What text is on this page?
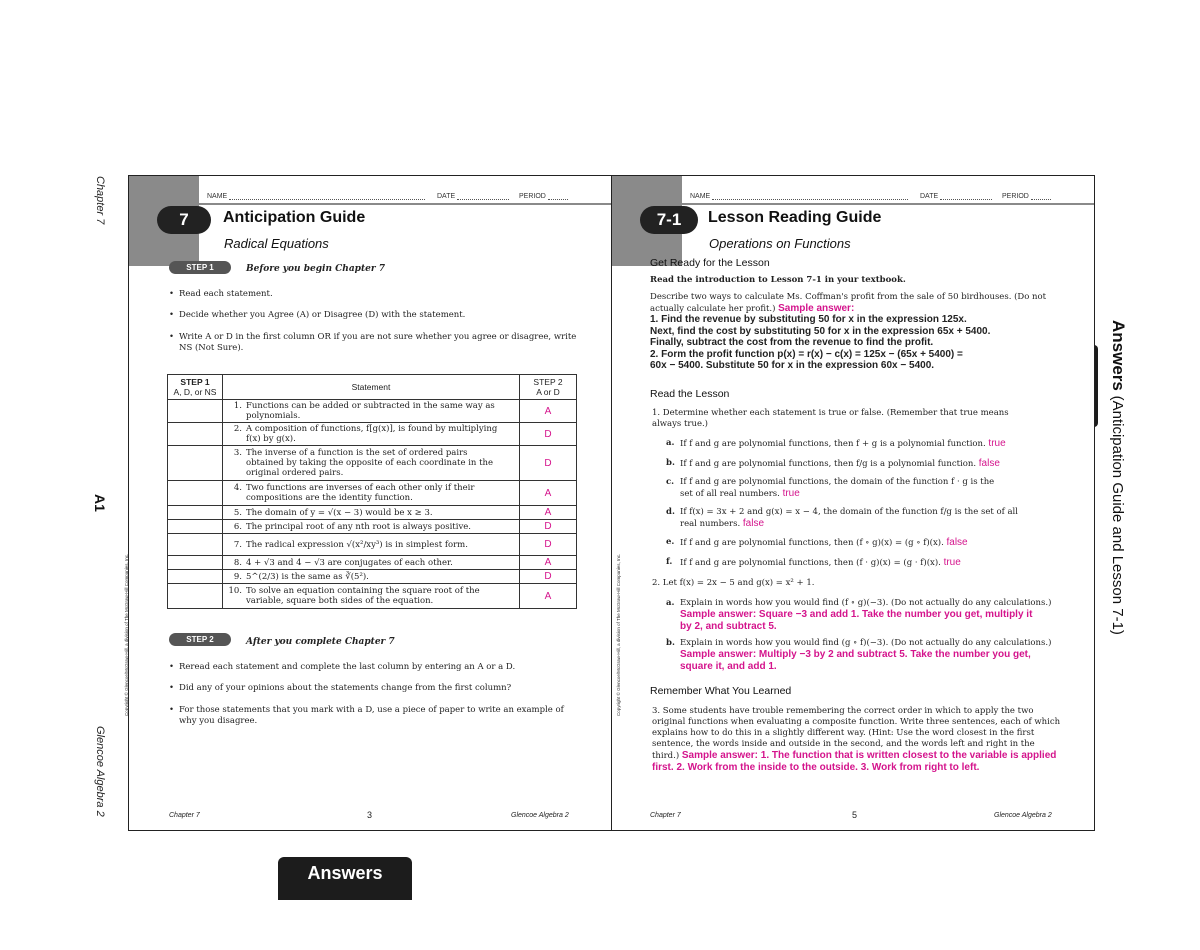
Chapter 7
A1
Glencoe Algebra 2
Answers
Answers (Anticipation Guide and Lesson 7-1)
NAME	DATE	PERIOD
7	Anticipation Guide
Radical Equations
STEP 1	Before you begin Chapter 7
• Read each statement.
• Decide whether you Agree (A) or Disagree (D) with the statement.
• Write A or D in the first column OR if you are not sure whether you agree or disagree, write NS (Not Sure).
STEP 1
A, D, or NS	Statement	STEP 2
A or D
	1. Functions can be added or subtracted in the same way as polynomials.	A
	2. A composition of functions, f[g(x)], is found by multiplying f(x) by g(x).	D
	3. The inverse of a function is the set of ordered pairs obtained by taking the opposite of each coordinate in the original ordered pairs.	D
	4. Two functions are inverses of each other only if their compositions are the identity function.	A
	5. The domain of y = √(x − 3) would be x ≥ 3.	A
	6. The principal root of any nth root is always positive.	D
	7. The radical expression √(x²/xy³) is in simplest form.	D
	8. 4 + √3 and 4 − √3 are conjugates of each other.	A
	9. 5^(2/3) is the same as ∛(5²).	D
	10. To solve an equation containing the square root of the variable, square both sides of the equation.	A
STEP 2	After you complete Chapter 7
• Reread each statement and complete the last column by entering an A or a D.
• Did any of your opinions about the statements change from the first column?
• For those statements that you mark with a D, use a piece of paper to write an example of why you disagree.
Copyright © Glencoe/McGraw-Hill, a division of The McGraw-Hill Companies, Inc.
Chapter 7	3	Glencoe Algebra 2
NAME	DATE	PERIOD
7-1	Lesson Reading Guide
Operations on Functions
Get Ready for the Lesson
Read the introduction to Lesson 7-1 in your textbook.
Describe two ways to calculate Ms. Coffman's profit from the sale of 50 birdhouses. (Do not actually calculate her profit.) Sample answer:
1. Find the revenue by substituting 50 for x in the expression 125x.
Next, find the cost by substituting 50 for x in the expression 65x + 5400.
Finally, subtract the cost from the revenue to find the profit.
2. Form the profit function p(x) = r(x) − c(x) = 125x − (65x + 5400) =
60x − 5400. Substitute 50 for x in the expression 60x − 5400.
Read the Lesson
1. Determine whether each statement is true or false. (Remember that true means always true.)
a. If f and g are polynomial functions, then f + g is a polynomial function. true
b. If f and g are polynomial functions, then f/g is a polynomial function. false
c. If f and g are polynomial functions, the domain of the function f · g is the set of all real numbers. true
d. If f(x) = 3x + 2 and g(x) = x − 4, the domain of the function f/g is the set of all real numbers. false
e. If f and g are polynomial functions, then (f ∘ g)(x) = (g ∘ f)(x). false
f. If f and g are polynomial functions, then (f · g)(x) = (g · f)(x). true
2. Let f(x) = 2x − 5 and g(x) = x² + 1.
a. Explain in words how you would find (f ∘ g)(−3). (Do not actually do any calculations.)
Sample answer: Square −3 and add 1. Take the number you get, multiply it by 2, and subtract 5.
b. Explain in words how you would find (g ∘ f)(−3). (Do not actually do any calculations.)
Sample answer: Multiply −3 by 2 and subtract 5. Take the number you get, square it, and add 1.
Remember What You Learned
3. Some students have trouble remembering the correct order in which to apply the two original functions when evaluating a composite function. Write three sentences, each of which explains how to do this in a slightly different way. (Hint: Use the word closest in the first sentence, the words inside and outside in the second, and the words left and right in the third.) Sample answer: 1. The function that is written closest to the variable is applied first. 2. Work from the inside to the outside. 3. Work from right to left.
Copyright © Glencoe/McGraw-Hill, a division of The McGraw-Hill Companies, Inc.
Chapter 7	5	Glencoe Algebra 2
